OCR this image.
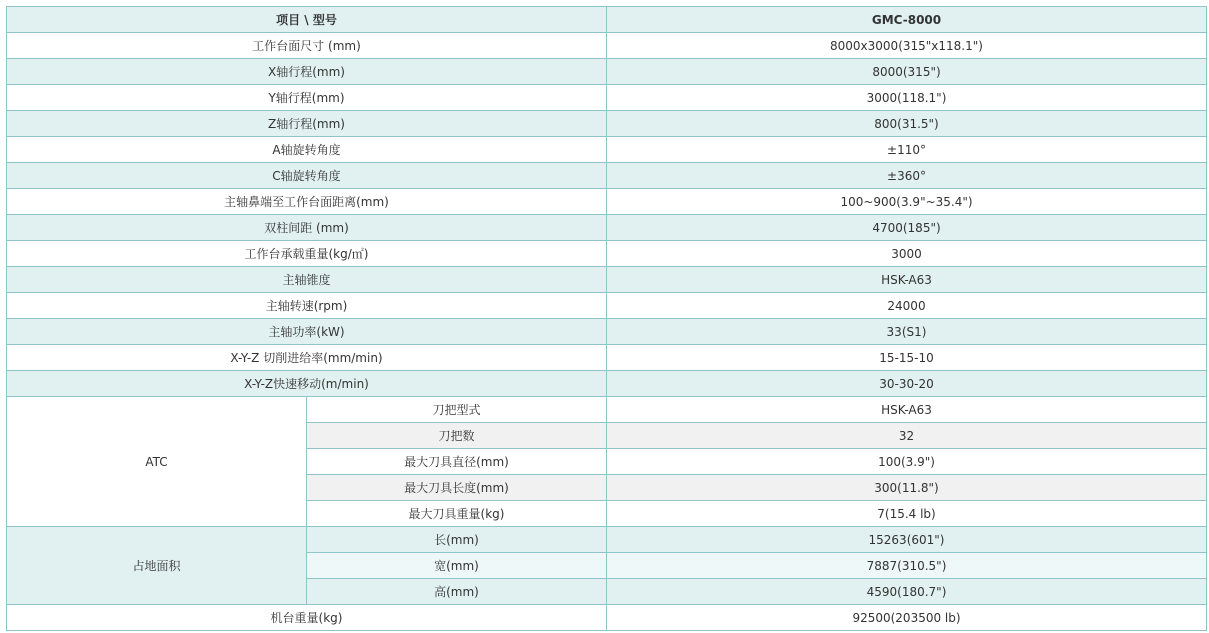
项目 \ 型号		GMC-8000
工作台面尺寸 (mm)		8000x3000(315"x118.1")
X轴行程(mm)		8000(315")
Y轴行程(mm)		3000(118.1")
Z轴行程(mm)		800(31.5")
A轴旋转角度		±110°
C轴旋转角度		±360°
主轴鼻端至工作台面距离(mm)		100~900(3.9"~35.4")
双柱间距 (mm)		4700(185")
工作台承载重量(kg/㎡)		3000
主轴锥度		HSK-A63
主轴转速(rpm)		24000
主轴功率(kW)		33(S1)
X-Y-Z 切削进给率(mm/min)		15-15-10
X-Y-Z快速移动(m/min)		30-30-20
ATC	刀把型式	HSK-A63
	刀把数	32
	最大刀具直径(mm)	100(3.9")
	最大刀具长度(mm)	300(11.8")
	最大刀具重量(kg)	7(15.4 lb)
占地面积	长(mm)	15263(601")
	宽(mm)	7887(310.5")
	高(mm)	4590(180.7")
机台重量(kg)		92500(203500 lb)
